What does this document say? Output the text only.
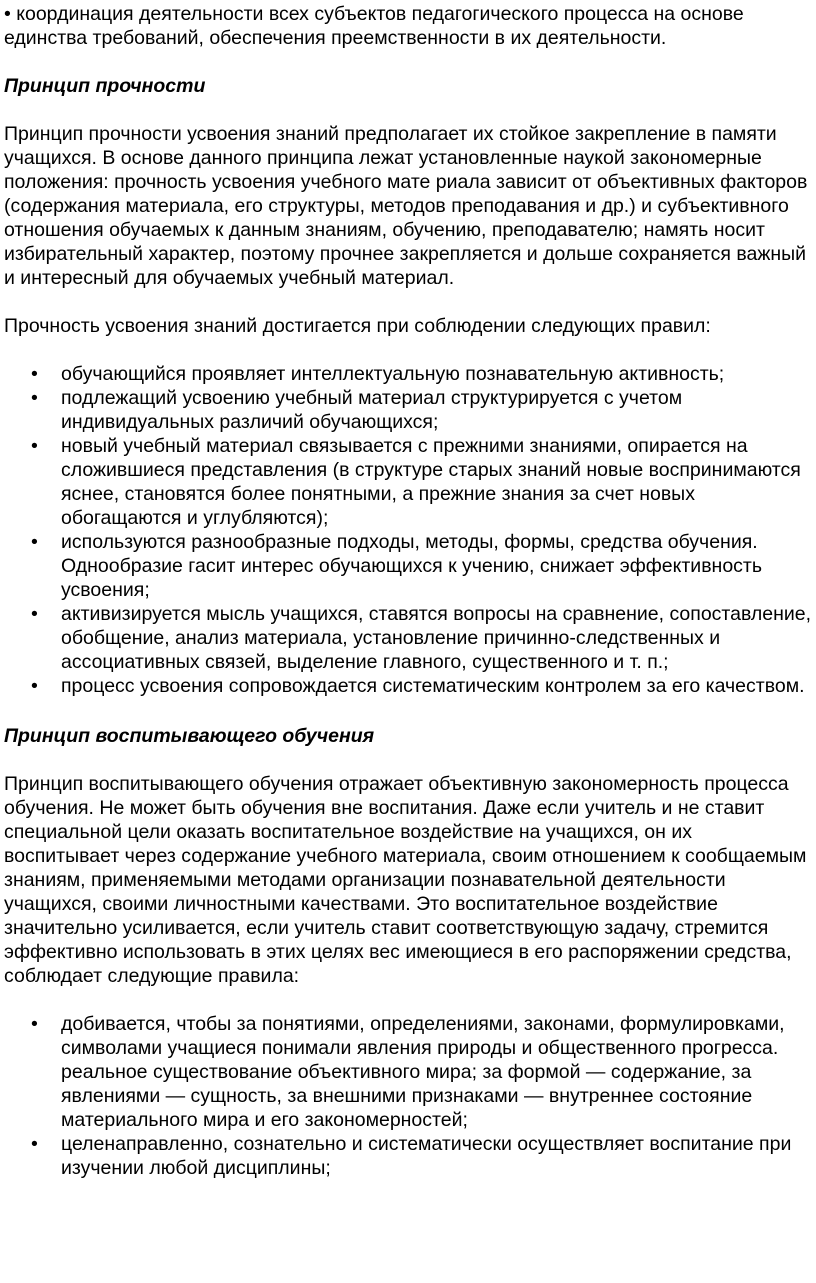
• координация деятельности всех субъектов педагогического процесса на основе единства требований, обеспечения преемственности в их деятельности.

Принцип прочности

Принцип прочности усвоения знаний предполагает их стойкое закрепление в памяти учащихся. В основе данного принципа лежат установленные наукой закономерные положения: прочность усвоения учебного мате риала зависит от объективных факторов (содержания материала, его структуры, методов преподавания и др.) и субъективного отношения обучаемых к данным знаниям, обучению, преподавателю; намять носит избирательный характер, поэтому прочнее закрепляется и дольше сохраняется важный и интересный для обучаемых учебный материал.

Прочность усвоения знаний достигается при соблюдении следующих правил:

• обучающийся проявляет интеллектуальную познавательную активность;
• подлежащий усвоению учебный материал структурируется с учетом индивидуальных различий обучающихся;
• новый учебный материал связывается с прежними знаниями, опирается на сложившиеся представления (в структуре старых знаний новые воспринимаются яснее, становятся более понятными, а прежние знания за счет новых обогащаются и углубляются);
• используются разнообразные подходы, методы, формы, средства обучения. Однообразие гасит интерес обучающихся к учению, снижает эффективность усвоения;
• активизируется мысль учащихся, ставятся вопросы на сравнение, сопоставление, обобщение, анализ материала, установление причинно-следственных и ассоциативных связей, выделение главного, существенного и т. п.;
• процесс усвоения сопровождается систематическим контролем за его качеством.

Принцип воспитывающего обучения

Принцип воспитывающего обучения отражает объективную закономерность процесса обучения. Не может быть обучения вне воспитания. Даже если учитель и не ставит специальной цели оказать воспитательное воздействие на учащихся, он их воспитывает через содержание учебного материала, своим отношением к сообщаемым знаниям, применяемыми методами организации познавательной деятельности учащихся, своими личностными качествами. Это воспитательное воздействие значительно усиливается, если учитель ставит соответствующую задачу, стремится эффективно использовать в этих целях вес имеющиеся в его распоряжении средства, соблюдает следующие правила:

• добивается, чтобы за понятиями, определениями, законами, формулировками, символами учащиеся понимали явления природы и общественного прогресса. реальное существование объективного мира; за формой — содержание, за явлениями — сущность, за внешними признаками — внутреннее состояние материального мира и его закономерностей;
• целенаправленно, сознательно и систематически осуществляет воспитание при изучении любой дисциплины;
